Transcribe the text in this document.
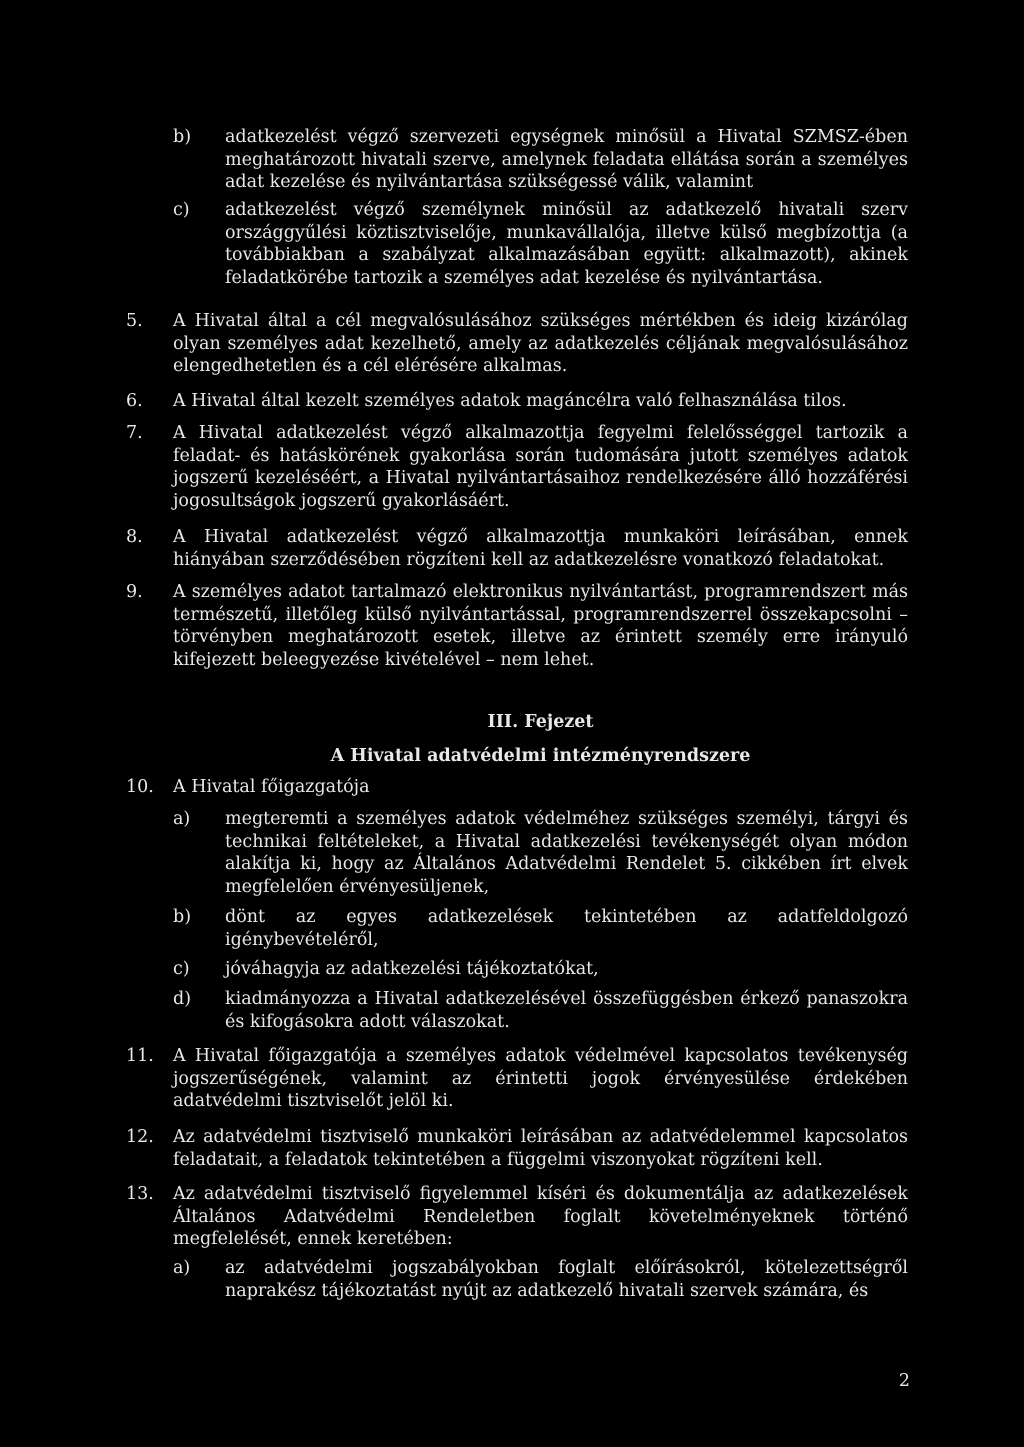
b)	adatkezelést végző szervezeti egységnek minősül a Hivatal SZMSZ-ében meghatározott hivatali szerve, amelynek feladata ellátása során a személyes adat kezelése és nyilvántartása szükségessé válik, valamint
c)	adatkezelést végző személynek minősül az adatkezelő hivatali szerv országgyűlési köztisztviselője, munkavállalója, illetve külső megbízottja (a továbbiakban a szabályzat alkalmazásában együtt: alkalmazott), akinek feladatkörébe tartozik a személyes adat kezelése és nyilvántartása.
5.	A Hivatal által a cél megvalósulásához szükséges mértékben és ideig kizárólag olyan személyes adat kezelhető, amely az adatkezelés céljának megvalósulásához elengedhetetlen és a cél elérésére alkalmas.
6.	A Hivatal által kezelt személyes adatok magáncélra való felhasználása tilos.
7.	A Hivatal adatkezelést végző alkalmazottja fegyelmi felelősséggel tartozik a feladat- és hatáskörének gyakorlása során tudomására jutott személyes adatok jogszerű kezeléséért, a Hivatal nyilvántartásaihoz rendelkezésére álló hozzáférési jogosultságok jogszerű gyakorlásáért.
8.	A Hivatal adatkezelést végző alkalmazottja munkaköri leírásában, ennek hiányában szerződésében rögzíteni kell az adatkezelésre vonatkozó feladatokat.
9.	A személyes adatot tartalmazó elektronikus nyilvántartást, programrendszert más természetű, illetőleg külső nyilvántartással, programrendszerrel összekapcsolni – törvényben meghatározott esetek, illetve az érintett személy erre irányuló kifejezett beleegyezése kivételével – nem lehet.
III. Fejezet
A Hivatal adatvédelmi intézményrendszere
10.	A Hivatal főigazgatója
a)	megteremti a személyes adatok védelméhez szükséges személyi, tárgyi és technikai feltételeket, a Hivatal adatkezelési tevékenységét olyan módon alakítja ki, hogy az Általános Adatvédelmi Rendelet 5. cikkében írt elvek megfelelően érvényesüljenek,
b)	dönt az egyes adatkezelések tekintetében az adatfeldolgozó igénybevételéről,
c)	jóváhagyja az adatkezelési tájékoztatókat,
d)	kiadmányozza a Hivatal adatkezelésével összefüggésben érkező panaszokra és kifogásokra adott válaszokat.
11.	A Hivatal főigazgatója a személyes adatok védelmével kapcsolatos tevékenység jogszerűségének, valamint az érintetti jogok érvényesülése érdekében adatvédelmi tisztviselőt jelöl ki.
12.	Az adatvédelmi tisztviselő munkaköri leírásában az adatvédelemmel kapcsolatos feladatait, a feladatok tekintetében a függelmi viszonyokat rögzíteni kell.
13.	Az adatvédelmi tisztviselő figyelemmel kíséri és dokumentálja az adatkezelések Általános Adatvédelmi Rendeletben foglalt követelményeknek történő megfelelését, ennek keretében:
a)	az adatvédelmi jogszabályokban foglalt előírásokról, kötelezettségről naprakész tájékoztatást nyújt az adatkezelő hivatali szervek számára, és
2
